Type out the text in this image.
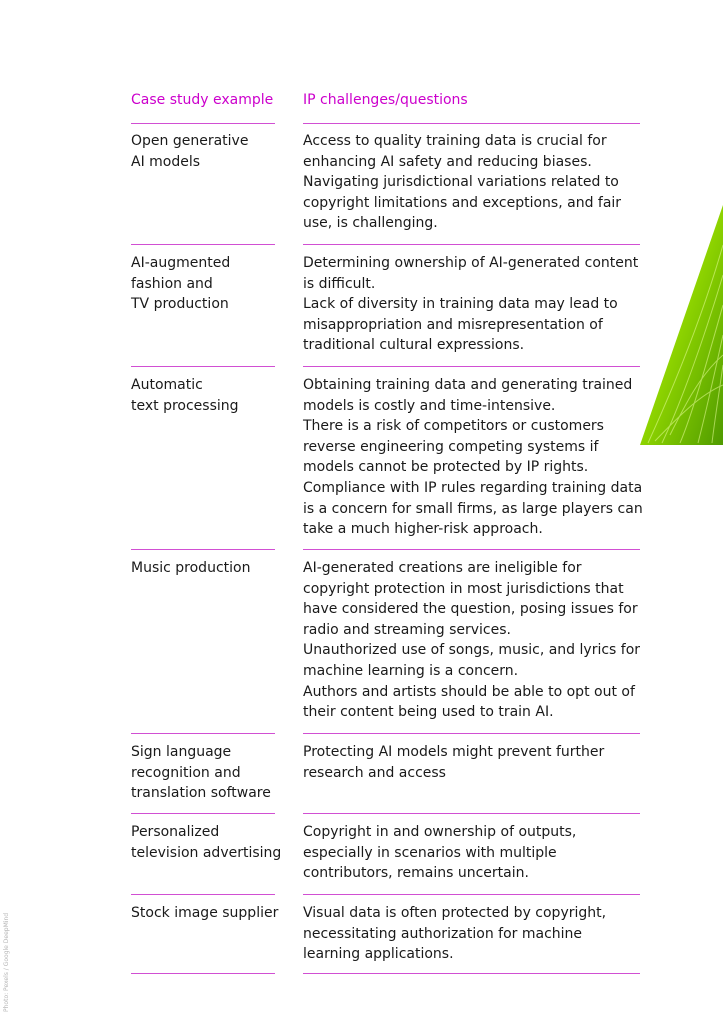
Case study example IP challenges/questions
Open generative
AI models
Access to quality training data is crucial for
enhancing AI safety and reducing biases.
Navigating jurisdictional variations related to
copyright limitations and exceptions, and fair
use, is challenging.
AI-augmented
fashion and
TV production
Determining ownership of AI-generated content
is difficult.
Lack of diversity in training data may lead to
misappropriation and misrepresentation of
traditional cultural expressions.
Automatic
text processing
Obtaining training data and generating trained
models is costly and time-intensive.
There is a risk of competitors or customers
reverse engineering competing systems if
models cannot be protected by IP rights.
Compliance with IP rules regarding training data
is a concern for small firms, as large players can
take a much higher-risk approach.
Music production	AI-generated creations are ineligible for
copyright protection in most jurisdictions that
have considered the question, posing issues for
radio and streaming services.
Unauthorized use of songs, music, and lyrics for
machine learning is a concern.
Authors and artists should be able to opt out of
their content being used to train AI.
Sign language
recognition and
translation software
Protecting AI models might prevent further
research and access
Personalized
television advertising
Copyright in and ownership of outputs,
especially in scenarios with multiple
contributors, remains uncertain.
Stock image supplier	Visual data is often protected by copyright,
necessitating authorization for machine
learning applications.
Photo: Pexels / Google DeepMind
